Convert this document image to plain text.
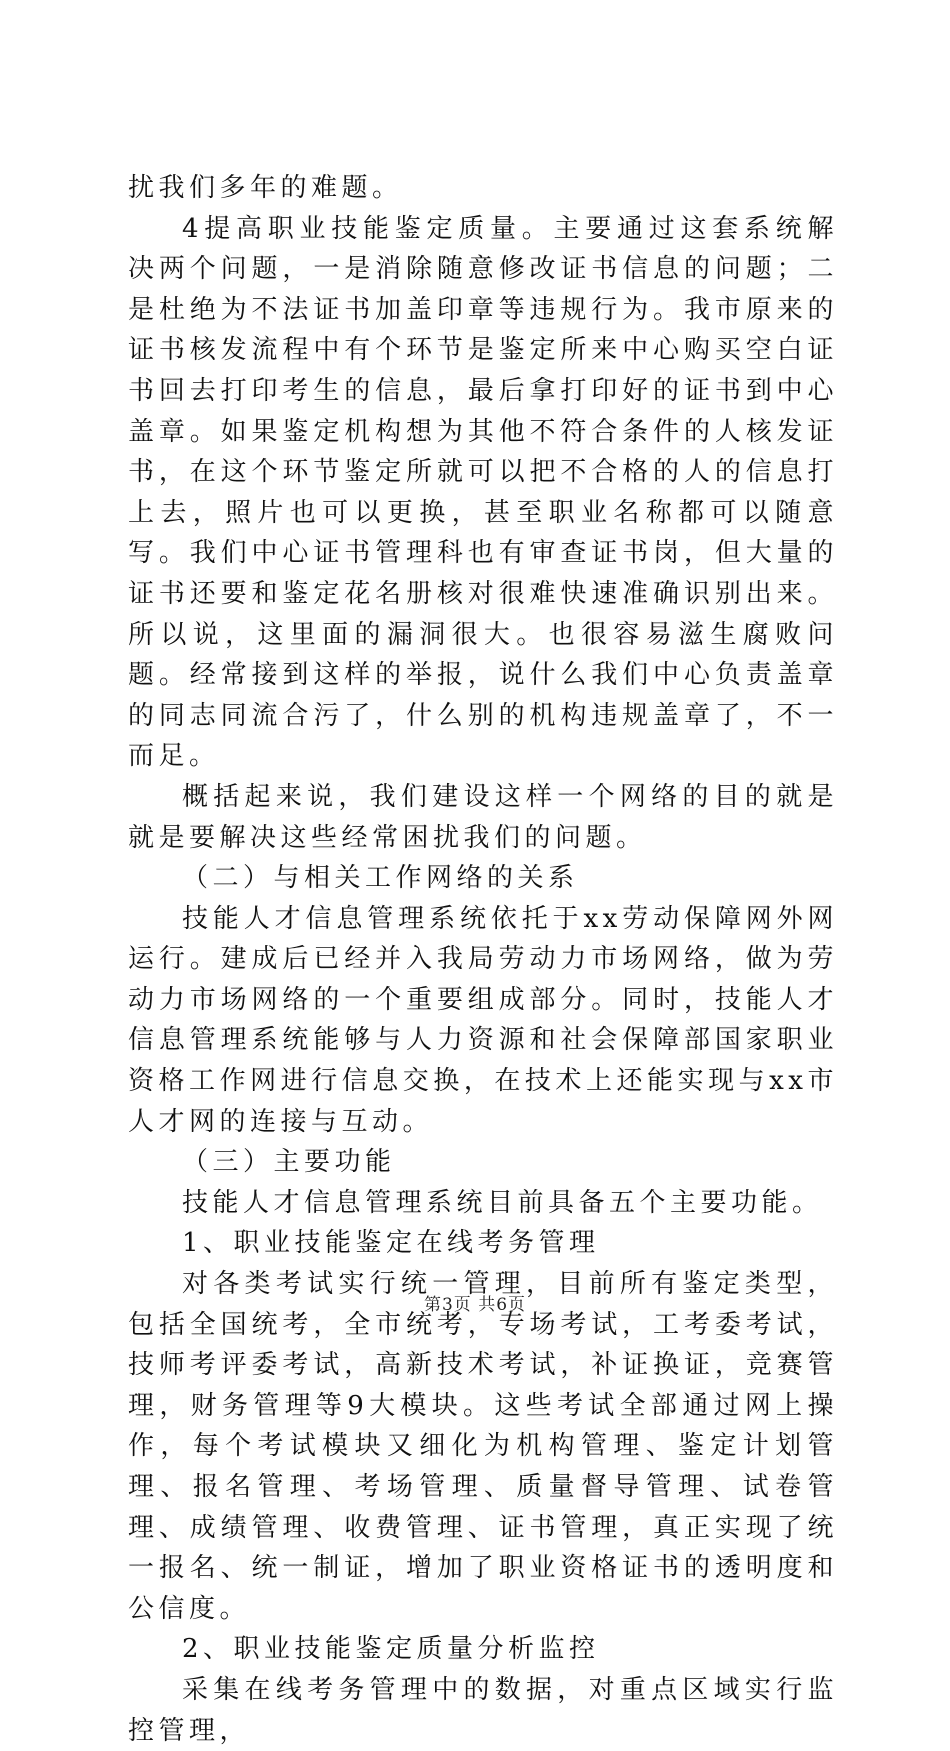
扰我们多年的难题。

4提高职业技能鉴定质量。主要通过这套系统解决两个问题，一是消除随意修改证书信息的问题；二是杜绝为不法证书加盖印章等违规行为。我市原来的证书核发流程中有个环节是鉴定所来中心购买空白证书回去打印考生的信息，最后拿打印好的证书到中心盖章。如果鉴定机构想为其他不符合条件的人核发证书，在这个环节鉴定所就可以把不合格的人的信息打上去，照片也可以更换，甚至职业名称都可以随意写。我们中心证书管理科也有审查证书岗，但大量的证书还要和鉴定花名册核对很难快速准确识别出来。所以说，这里面的漏洞很大。也很容易滋生腐败问题。经常接到这样的举报，说什么我们中心负责盖章的同志同流合污了，什么别的机构违规盖章了，不一而足。

概括起来说，我们建设这样一个网络的目的就是就是要解决这些经常困扰我们的问题。

（二）与相关工作网络的关系

技能人才信息管理系统依托于xx劳动保障网外网运行。建成后已经并入我局劳动力市场网络，做为劳动力市场网络的一个重要组成部分。同时，技能人才信息管理系统能够与人力资源和社会保障部国家职业资格工作网进行信息交换，在技术上还能实现与xx市人才网的连接与互动。

（三）主要功能

技能人才信息管理系统目前具备五个主要功能。

1、职业技能鉴定在线考务管理

对各类考试实行统一管理，目前所有鉴定类型，包括全国统考，全市统考，专场考试，工考委考试，技师考评委考试，高新技术考试，补证换证，竞赛管理，财务管理等9大模块。这些考试全部通过网上操作，每个考试模块又细化为机构管理、鉴定计划管理、报名管理、考场管理、质量督导管理、试卷管理、成绩管理、收费管理、证书管理，真正实现了统一报名、统一制证，增加了职业资格证书的透明度和公信度。

2、职业技能鉴定质量分析监控

采集在线考务管理中的数据，对重点区域实行监控管理，

第3页 共6页
